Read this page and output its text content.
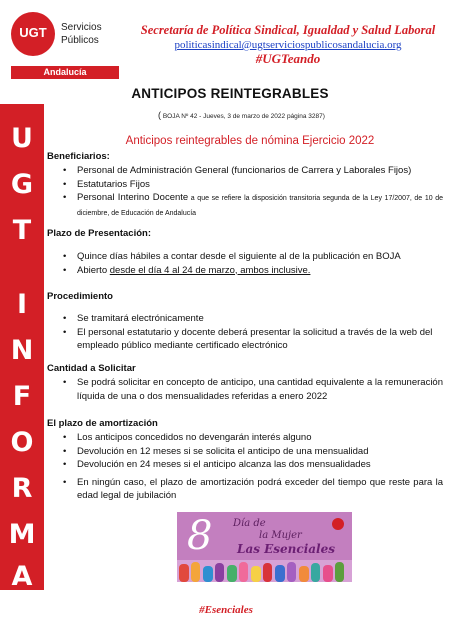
UGT	Servicios
Públicos
Andalucía
Secretaría de Política Sindical, Igualdad y Salud Laboral
politicasindical@ugtserviciospublicosandalucia.org
#UGTeando
U
G
T
I
N
F
O
R
M
A
ANTICIPOS REINTEGRABLES
( BOJA Nº 42 - Jueves, 3 de marzo de 2022 página 3287)
Anticipos reintegrables de nómina Ejercicio 2022
Beneficiarios:
• Personal de Administración General (funcionarios de Carrera y Laborales Fijos)
• Estatutarios Fijos
• Personal Interino Docente a que se refiere la disposición transitoria segunda de la Ley 17/2007, de 10 de diciembre, de Educación de Andalucía
Plazo de Presentación:
• Quince días hábiles a contar desde el siguiente al de la publicación en BOJA
• Abierto desde el día 4 al 24 de marzo, ambos inclusive.
Procedimiento
• Se tramitará electrónicamente
• El personal estatutario y docente deberá presentar la solicitud a través de la web del empleado público mediante certificado electrónico
Cantidad a Solicitar
• Se podrá solicitar en concepto de anticipo, una cantidad equivalente a la remuneración líquida de una o dos mensualidades referidas a enero 2022
El plazo de amortización
• Los anticipos concedidos no devengarán interés alguno
• Devolución en 12 meses si se solicita el anticipo de una mensualidad
• Devolución en 24 meses si el anticipo alcanza las dos mensualidades
• En ningún caso, el plazo de amortización podrá exceder del tiempo que reste para la edad legal de jubilación
8 Día de
la Mujer
Las Esenciales
#Esenciales
